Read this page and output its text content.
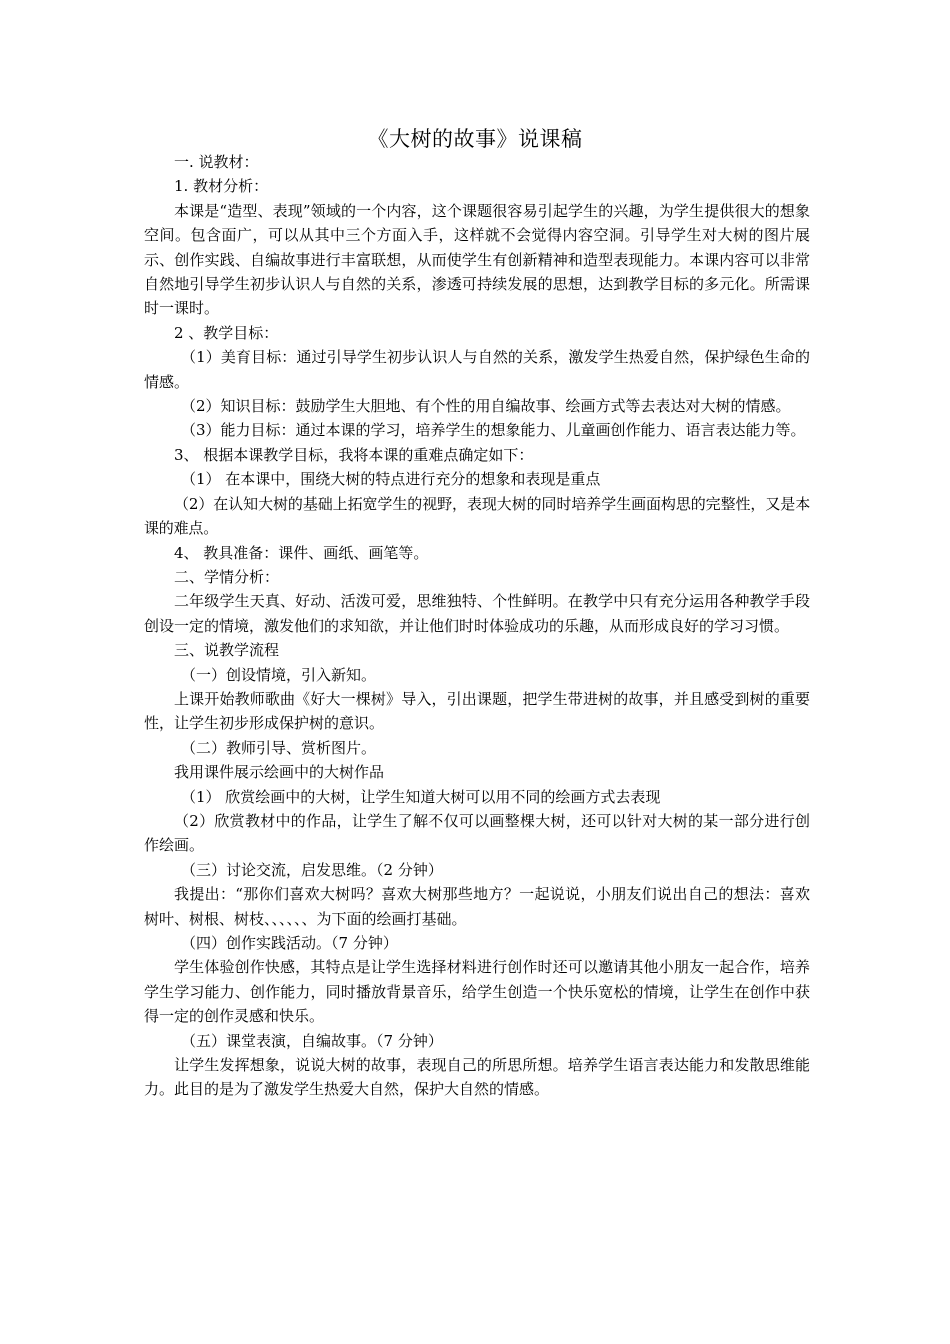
《大树的故事》说课稿

一. 说教材：

1. 教材分析：

本课是“造型、表现”领域的一个内容，这个课题很容易引起学生的兴趣，为学生提供很大的想象空间。包含面广，可以从其中三个方面入手，这样就不会觉得内容空洞。引导学生对大树的图片展示、创作实践、自编故事进行丰富联想，从而使学生有创新精神和造型表现能力。本课内容可以非常自然地引导学生初步认识人与自然的关系，渗透可持续发展的思想，达到教学目标的多元化。所需课时一课时。

2 、教学目标：

（1）美育目标：通过引导学生初步认识人与自然的关系，激发学生热爱自然，保护绿色生命的情感。

（2）知识目标：鼓励学生大胆地、有个性的用自编故事、绘画方式等去表达对大树的情感。

（3）能力目标：通过本课的学习，培养学生的想象能力、儿童画创作能力、语言表达能力等。

3、 根据本课教学目标，我将本课的重难点确定如下：

（1） 在本课中，围绕大树的特点进行充分的想象和表现是重点

（2）在认知大树的基础上拓宽学生的视野，表现大树的同时培养学生画面构思的完整性，又是本课的难点。

4、 教具准备：课件、画纸、画笔等。

二、学情分析：

二年级学生天真、好动、活泼可爱，思维独特、个性鲜明。在教学中只有充分运用各种教学手段创设一定的情境，激发他们的求知欲，并让他们时时体验成功的乐趣，从而形成良好的学习习惯。

三、说教学流程

（一）创设情境，引入新知。

上课开始教师歌曲《好大一棵树》导入，引出课题，把学生带进树的故事，并且感受到树的重要性，让学生初步形成保护树的意识。

（二）教师引导、赏析图片。

我用课件展示绘画中的大树作品

（1） 欣赏绘画中的大树，让学生知道大树可以用不同的绘画方式去表现

（2）欣赏教材中的作品，让学生了解不仅可以画整棵大树，还可以针对大树的某一部分进行创作绘画。

（三）讨论交流，启发思维。（2 分钟）

我提出：“那你们喜欢大树吗？喜欢大树那些地方？一起说说，小朋友们说出自己的想法：喜欢树叶、树根、树枝、、、、、、为下面的绘画打基础。

（四）创作实践活动。（7 分钟）

学生体验创作快感，其特点是让学生选择材料进行创作时还可以邀请其他小朋友一起合作，培养学生学习能力、创作能力，同时播放背景音乐，给学生创造一个快乐宽松的情境，让学生在创作中获得一定的创作灵感和快乐。

（五）课堂表演，自编故事。（7 分钟）

让学生发挥想象，说说大树的故事，表现自己的所思所想。培养学生语言表达能力和发散思维能力。此目的是为了激发学生热爱大自然，保护大自然的情感。
